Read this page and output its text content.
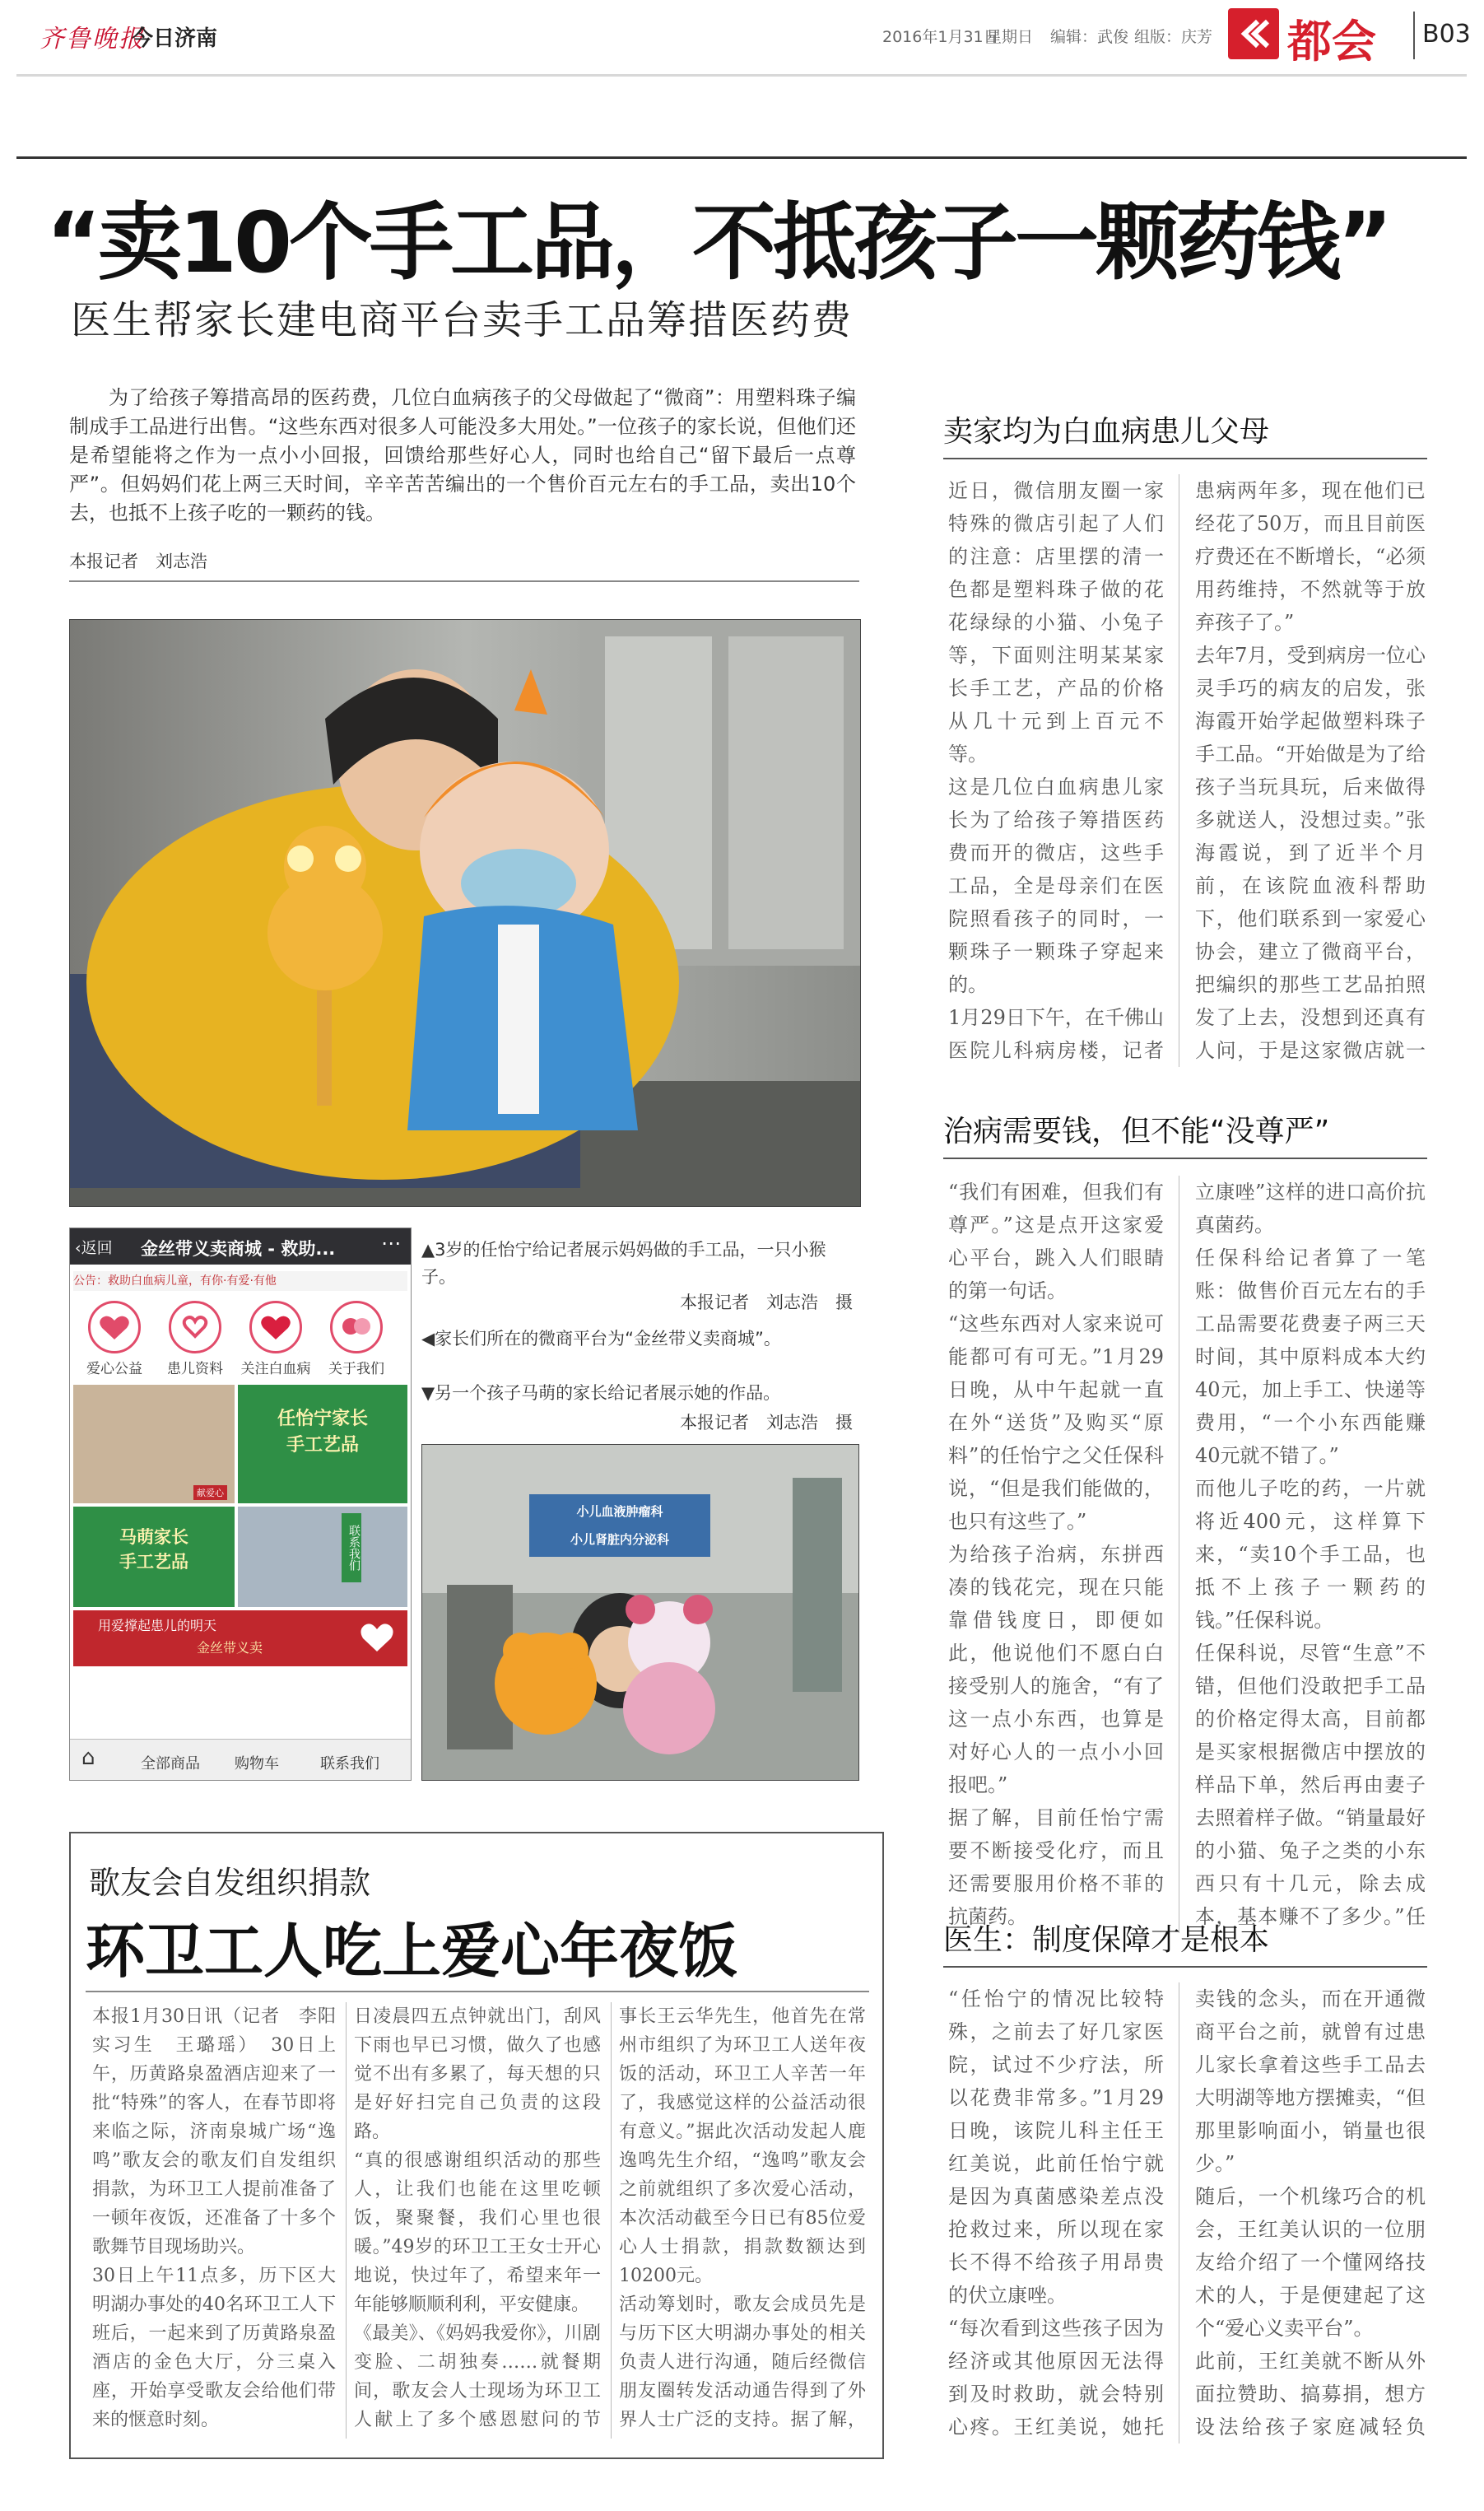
齐鲁晚报
今日济南	2016年1月31日
星期日 编辑：武俊 组版：庆芳 都会 B03
“卖10个手工品，不抵孩子一颗药钱”
医生帮家长建电商平台卖手工品筹措医药费
为了给孩子筹措高昂的医药费，几位白血病孩子的父母做起了“微商”：用塑料珠子编制成手工品进行出售。“这些东西对很多人可能没多大用处。”一位孩子的家长说，但他们还是希望能将之作为一点小小回报，回馈给那些好心人，同时也给自己“留下最后一点尊严”。但妈妈们花上两三天时间，辛辛苦苦编出的一个售价百元左右的手工品，卖出10个去，也抵不上孩子吃的一颗药的钱。
本报记者　刘志浩
‹返回 金丝带义卖商城 - 救助... ⋯
公告：救助白血病儿童，有你·有爱·有他
爱心公益	患儿资料	关注白血病	关于我们
任怡宁家长
手工艺品
马萌家长
手工艺品	联系我们
献爱心
用爱撑起患儿的明天
金丝带义卖
⌂	全部商品 购物车	联系我们
▲3岁的任怡宁给记者展示妈妈做的手工品，一只小猴子。
本报记者　刘志浩　摄
◀家长们所在的微商平台为“金丝带义卖商城”。
▼另一个孩子马萌的家长给记者展示她的作品。
本报记者　刘志浩　摄
小儿血液肿瘤科
小儿肾脏内分泌科
卖家均为白血病患儿父母
近日，微信朋友圈一家特殊的微店引起了人们的注意：店里摆的清一色都是塑料珠子做的花花绿绿的小猫、小兔子等，下面则注明某某家长手工艺，产品的价格从几十元到上百元不等。
这是几位白血病患儿家长为了给孩子筹措医药费而开的微店，这些手工品，全是母亲们在医院照看孩子的同时，一颗珠子一颗珠子穿起来的。
1月29日下午，在千佛山医院儿科病房楼，记者

患病两年多，现在他们已经花了50万，而且目前医疗费还在不断增长，“必须用药维持，不然就等于放弃孩子了。”
去年7月，受到病房一位心灵手巧的病友的启发，张海霞开始学起做塑料珠子手工品。“开始做是为了给孩子当玩具玩，后来做得多就送人，没想过卖。”张海霞说，到了近半个月前，在该院血液科帮助下，他们联系到一家爱心协会，建立了微商平台，把编织的那些工艺品拍照发了上去，没想到还真有人问，于是这家微店就一

治病需要钱，但不能“没尊严”
“我们有困难，但我们有尊严。”这是点开这家爱心平台，跳入人们眼睛的第一句话。
“这些东西对人家来说可能都可有可无。”1月29日晚，从中午起就一直在外“送货”及购买“原料”的任怡宁之父任保科说，“但是我们能做的，也只有这些了。”
为给孩子治病，东拼西凑的钱花完，现在只能靠借钱度日，即便如此，他说他们不愿白白接受别人的施舍，“有了这一点小东西，也算是对好心人的一点小小回报吧。”
据了解，目前任怡宁需要不断接受化疗，而且还需要服用价格不菲的抗菌药。

立康唑”这样的进口高价抗真菌药。
任保科给记者算了一笔账：做售价百元左右的手工品需要花费妻子两三天时间，其中原料成本大约40元，加上手工、快递等费用，“一个小东西能赚40元就不错了。”
而他儿子吃的药，一片就将近400元，这样算下来，“卖10个手工品，也抵不上孩子一颗药的钱。”任保科说。
任保科说，尽管“生意”不错，但他们没敢把手工品的价格定得太高，目前都是买家根据微店中摆放的样品下单，然后再由妻子去照着样子做。“销量最好的小猫、兔子之类的小东西只有十几元，除去成本，基本赚不了多少。”任

医生：制度保障才是根本
“任怡宁的情况比较特殊，之前去了好几家医院，试过不少疗法，所以花费非常多。”1月29日晚，该院儿科主任王红美说，此前任怡宁就是因为真菌感染差点没抢救过来，所以现在家长不得不给孩子用昂贵的伏立康唑。
“每次看到这些孩子因为经济或其他原因无法得到及时救助，就会特别心疼。王红美说，她托

卖钱的念头，而在开通微商平台之前，就曾有过患儿家长拿着这些手工品去大明湖等地方摆摊卖，“但那里影响面小，销量也很少。”
随后，一个机缘巧合的机会，王红美认识的一位朋友给介绍了一个懂网络技术的人，于是便建起了这个“爱心义卖平台”。
此前，王红美就不断从外面拉赞助、搞募捐，想方设法给孩子家庭减轻负
歌友会自发组织捐款
环卫工人吃上爱心年夜饭
本报1月30日讯（记者　李阳　实习生　王璐瑶）　30日上午，历黄路泉盈酒店迎来了一批“特殊”的客人，在春节即将来临之际，济南泉城广场“逸鸣”歌友会的歌友们自发组织捐款，为环卫工人提前准备了一顿年夜饭，还准备了十多个歌舞节目现场助兴。
30日上午11点多，历下区大明湖办事处的40名环卫工人下班后，一起来到了历黄路泉盈酒店的金色大厅，分三桌入座，开始享受歌友会给他们带来的惬意时刻。

日凌晨四五点钟就出门，刮风下雨也早已习惯，做久了也感觉不出有多累了，每天想的只是好好扫完自己负责的这段路。
“真的很感谢组织活动的那些人，让我们也能在这里吃顿饭，聚聚餐，我们心里也很暖。”49岁的环卫工王女士开心地说，快过年了，希望来年一年能够顺顺利利，平安健康。
《最美》、《妈妈我爱你》，川剧变脸、二胡独奏……就餐期间，歌友会人士现场为环卫工人献上了多个感恩慰问的节

事长王云华先生，他首先在常州市组织了为环卫工人送年夜饭的活动，环卫工人辛苦一年了，我感觉这样的公益活动很有意义。”据此次活动发起人鹿逸鸣先生介绍，“逸鸣”歌友会之前就组织了多次爱心活动，本次活动截至今日已有85位爱心人士捐款，捐款数额达到10200元。
活动筹划时，歌友会成员先是与历下区大明湖办事处的相关负责人进行沟通，随后经微信朋友圈转发活动通告得到了外界人士广泛的支持。据了解，
